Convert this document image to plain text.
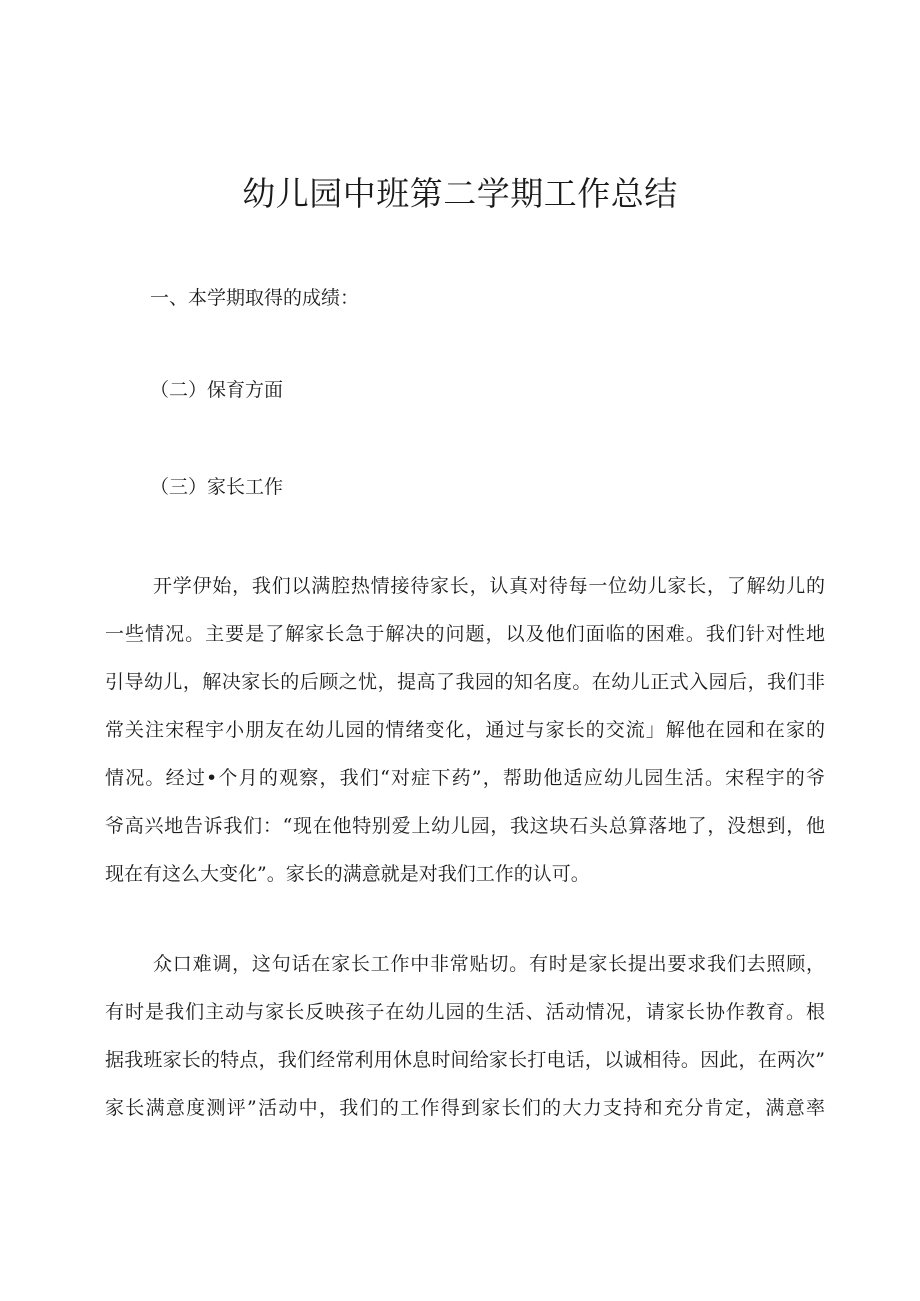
幼儿园中班第二学期工作总结

一、本学期取得的成绩：

（二）保育方面

（三）家长工作

开学伊始，我们以满腔热情接待家长，认真对待每一位幼儿家长，了解幼儿的
一些情况。主要是了解家长急于解决的问题，以及他们面临的困难。我们针对性地
引导幼儿，解决家长的后顾之忧，提高了我园的知名度。在幼儿正式入园后，我们非
常关注宋程宇小朋友在幼儿园的情绪变化，通过与家长的交流」解他在园和在家的
情况。经过•个月的观察，我们“对症下药”，帮助他适应幼儿园生活。宋程宇的爷
爷高兴地告诉我们：“现在他特别爱上幼儿园，我这块石头总算落地了，没想到，他
现在有这么大变化”。家长的满意就是对我们工作的认可。
众口难调，这句话在家长工作中非常贴切。有时是家长提出要求我们去照顾，
有时是我们主动与家长反映孩子在幼儿园的生活、活动情况，请家长协作教育。根
据我班家长的特点，我们经常利用休息时间给家长打电话，以诚相待。因此，在两次”
家长满意度测评”活动中，我们的工作得到家长们的大力支持和充分肯定，满意率
